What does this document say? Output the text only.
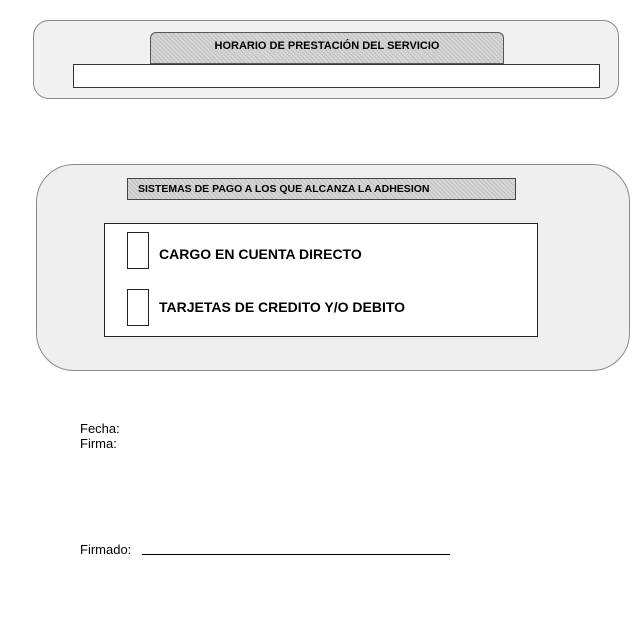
HORARIO DE PRESTACIÓN DEL SERVICIO
SISTEMAS DE PAGO A LOS QUE ALCANZA LA ADHESION
CARGO EN CUENTA DIRECTO
TARJETAS DE CREDITO Y/O DEBITO
Fecha:
Firma:
Firmado:
